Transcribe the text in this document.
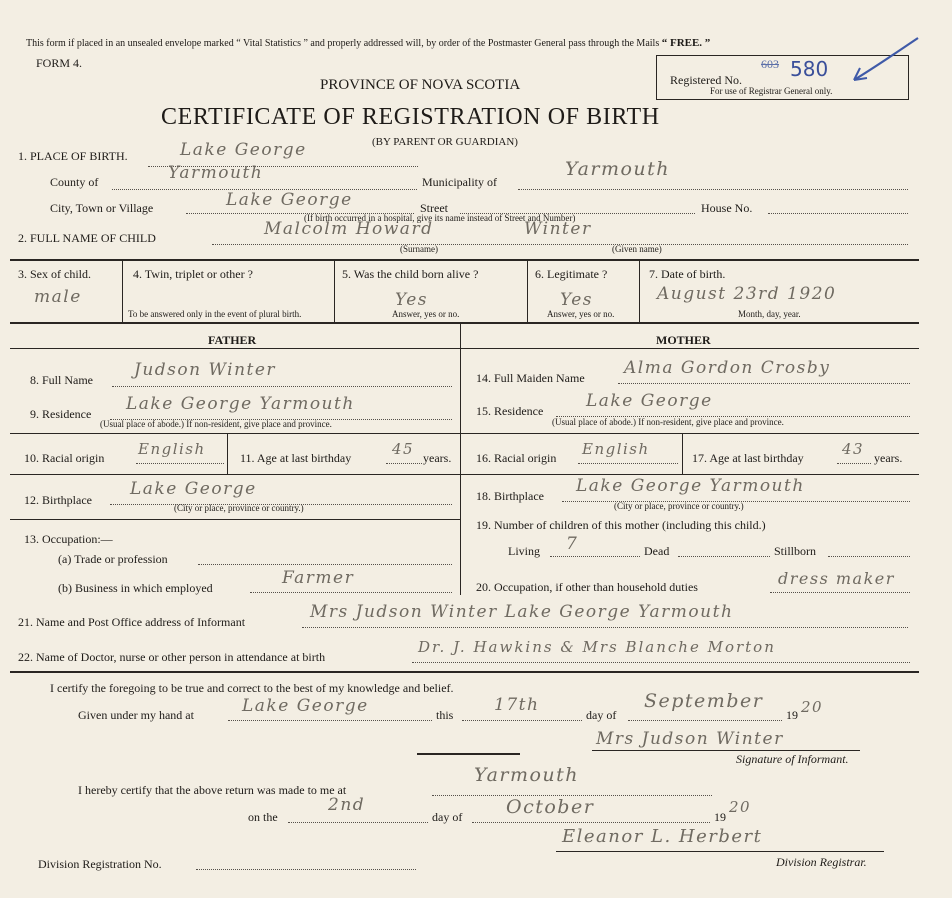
This form if placed in an unsealed envelope marked “ Vital Statistics ” and properly addressed will, by order of the Postmaster General pass through the Mails “ FREE. ”
FORM 4.
PROVINCE OF NOVA SCOTIA
CERTIFICATE OF REGISTRATION OF BIRTH
(BY PARENT OR GUARDIAN)
Registered No.
603 580
For use of Registrar General only.
1. PLACE OF BIRTH.	Lake George
County of	Yarmouth	Municipality of
Yarmouth
City, Town or Village	Lake George	Street	House No.
(If birth occurred in a hospital, give its name instead of Street and Number)
2. FULL NAME OF CHILD	Malcolm Howard	Winter
(Surname)	(Given name)
3. Sex of child.
male
4. Twin, triplet or other ?
To be answered only in the event of plural birth.
5. Was the child born alive ?
Yes
Answer, yes or no.
6. Legitimate ?
Yes
Answer, yes or no.
7. Date of birth.
August 23rd 1920
Month, day, year.
FATHER	MOTHER
8. Full Name Judson Winter
9. Residence Lake George Yarmouth
(Usual place of abode.) If non-resident, give place and province.
10. Racial origin English	11. Age at last birthday	45 years.
12. Birthplace
Lake George
(City or place, province or country.)
13. Occupation:—
(a) Trade or profession
(b) Business in which employed	Farmer
14. Full Maiden Name Alma Gordon Crosby
15. Residence	Lake George
(Usual place of abode.) If non-resident, give place and province.
16. Racial origin English	17. Age at last birthday	43 years.
18. Birthplace Lake George Yarmouth
(City or place, province or country.)
19. Number of children of this mother (including this child.)
Living 7	Dead	Stillborn
20. Occupation, if other than household duties	dress maker
21. Name and Post Office address of Informant	Mrs Judson Winter Lake George Yarmouth
22. Name of Doctor, nurse or other person in attendance at birth
Dr. J. Hawkins & Mrs Blanche Morton
I certify the foregoing to be true and correct to the best of my knowledge and belief.
Given under my hand at	Lake George	this 17th	day of
September
19 20
Mrs Judson Winter
Signature of Informant.
I hereby certify that the above return was made to me at
Yarmouth
on the
2nd
day of October	19
20
Eleanor L. Herbert
Division Registrar.
Division Registration No.
